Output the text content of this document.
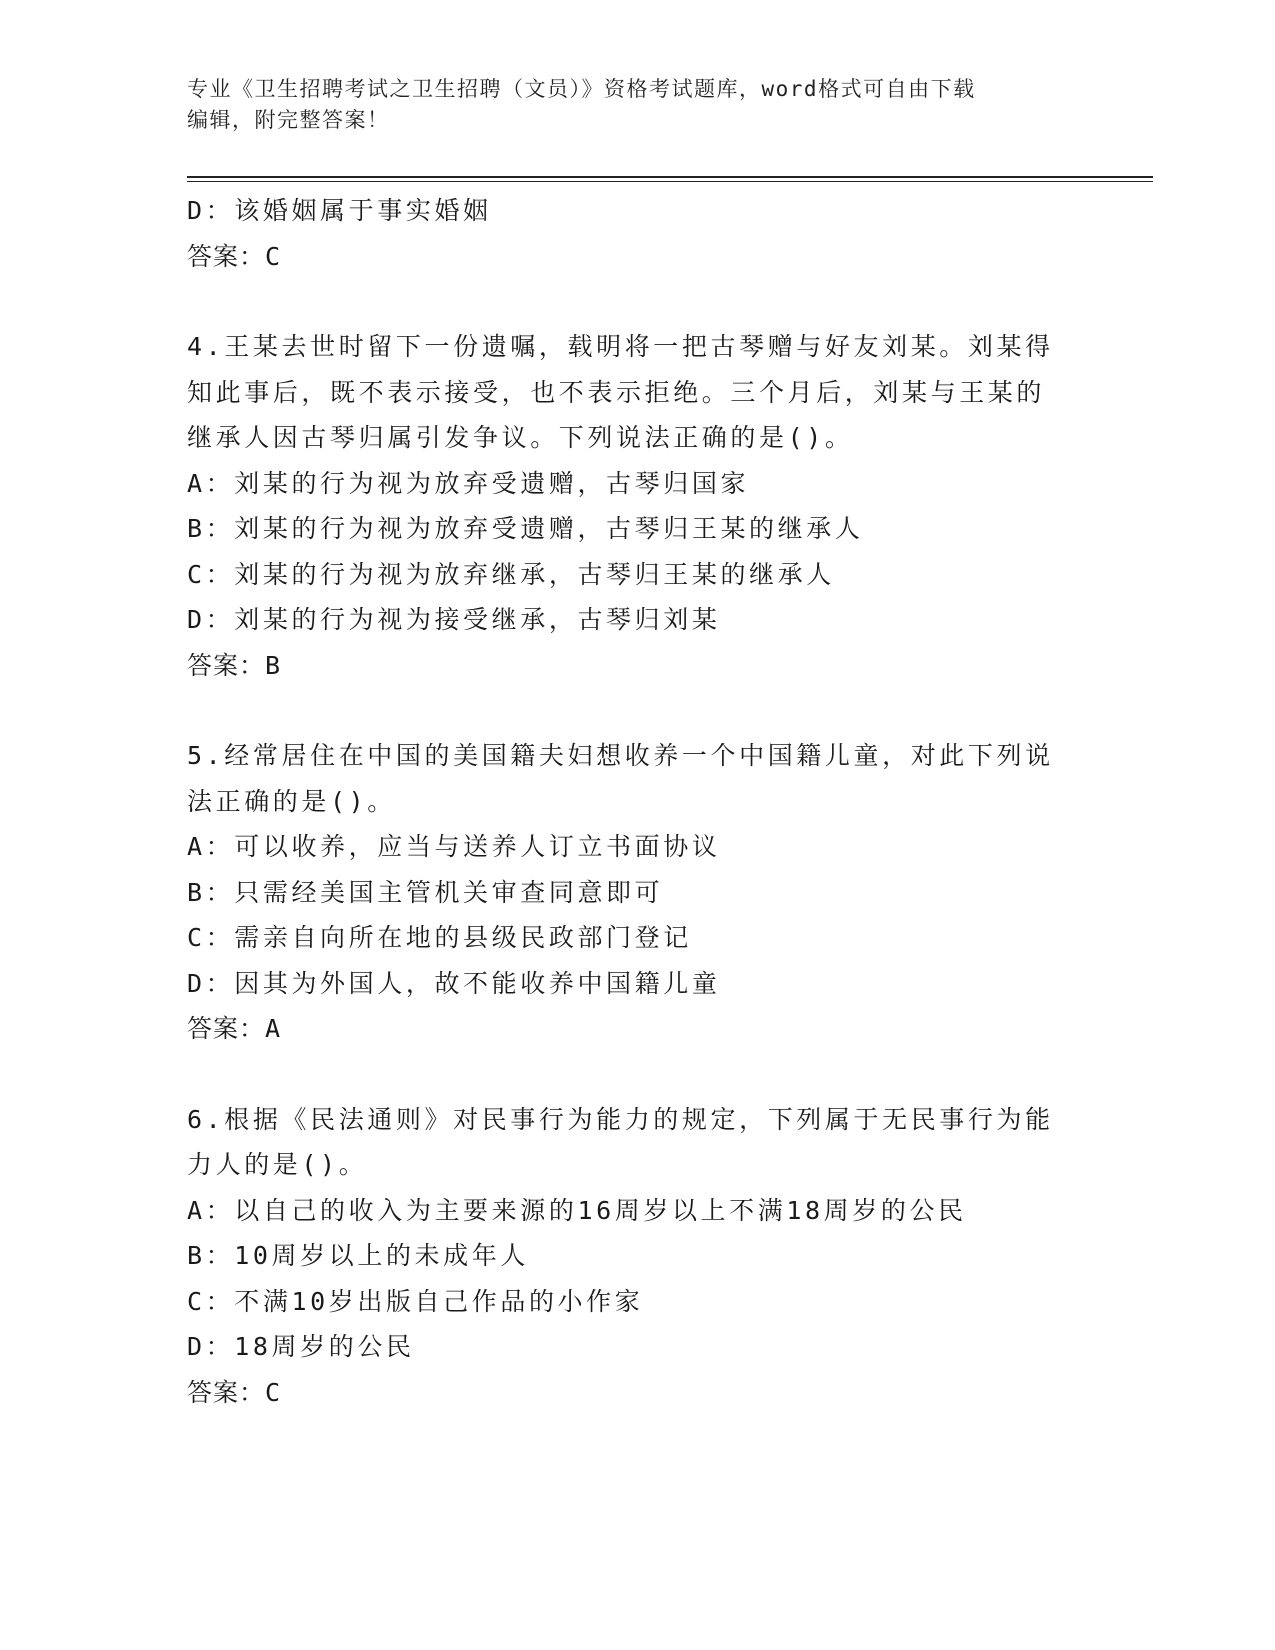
专业《卫生招聘考试之卫生招聘（文员）》资格考试题库，word格式可自由下载
编辑，附完整答案！

D：该婚姻属于事实婚姻

答案：C

4.王某去世时留下一份遗嘱，载明将一把古琴赠与好友刘某。刘某得

知此事后，既不表示接受，也不表示拒绝。三个月后，刘某与王某的

继承人因古琴归属引发争议。下列说法正确的是()。

A：刘某的行为视为放弃受遗赠，古琴归国家

B：刘某的行为视为放弃受遗赠，古琴归王某的继承人

C：刘某的行为视为放弃继承，古琴归王某的继承人

D：刘某的行为视为接受继承，古琴归刘某

答案：B

5.经常居住在中国的美国籍夫妇想收养一个中国籍儿童，对此下列说

法正确的是()。

A：可以收养，应当与送养人订立书面协议

B：只需经美国主管机关审查同意即可

C：需亲自向所在地的县级民政部门登记

D：因其为外国人，故不能收养中国籍儿童

答案：A

6.根据《民法通则》对民事行为能力的规定，下列属于无民事行为能

力人的是()。

A：以自己的收入为主要来源的16周岁以上不满18周岁的公民

B：10周岁以上的未成年人

C：不满10岁出版自己作品的小作家

D：18周岁的公民

答案：C
